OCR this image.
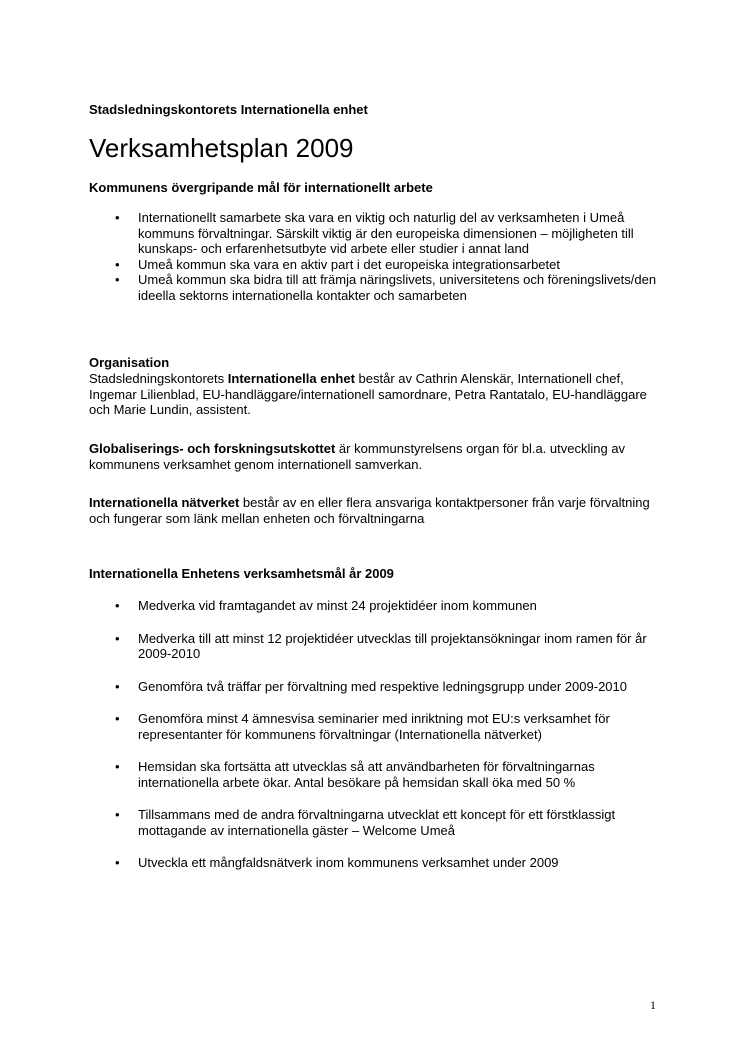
Stadsledningskontorets Internationella enhet
Verksamhetsplan 2009
Kommunens övergripande mål för internationellt arbete
• Internationellt samarbete ska vara en viktig och naturlig del av verksamheten i Umeå kommuns förvaltningar. Särskilt viktig är den europeiska dimensionen – möjligheten till kunskaps- och erfarenhetsutbyte vid arbete eller studier i annat land
• Umeå kommun ska vara en aktiv part i det europeiska integrationsarbetet
• Umeå kommun ska bidra till att främja näringslivets, universitetens och föreningslivets/den ideella sektorns internationella kontakter och samarbeten
Organisation

Stadsledningskontorets Internationella enhet består av Cathrin Alenskär, Internationell chef, Ingemar Lilienblad, EU-handläggare/internationell samordnare, Petra Rantatalo, EU-handläggare och Marie Lundin, assistent.

Globaliserings- och forskningsutskottet är kommunstyrelsens organ för bl.a. utveckling av kommunens verksamhet genom internationell samverkan.

Internationella nätverket består av en eller flera ansvariga kontaktpersoner från varje förvaltning och fungerar som länk mellan enheten och förvaltningarna

Internationella Enhetens verksamhetsmål år 2009
• Medverka vid framtagandet av minst 24 projektidéer inom kommunen
• Medverka till att minst 12 projektidéer utvecklas till projektansökningar inom ramen för år 2009-2010
• Genomföra två träffar per förvaltning med respektive ledningsgrupp under 2009-2010
• Genomföra minst 4 ämnesvisa seminarier med inriktning mot EU:s verksamhet för representanter för kommunens förvaltningar (Internationella nätverket)
• Hemsidan ska fortsätta att utvecklas så att användbarheten för förvaltningarnas internationella arbete ökar. Antal besökare på hemsidan skall öka med 50 %
• Tillsammans med de andra förvaltningarna utvecklat ett koncept för ett förstklassigt mottagande av internationella gäster – Welcome Umeå
• Utveckla ett mångfaldsnätverk inom kommunens verksamhet under 2009
1
